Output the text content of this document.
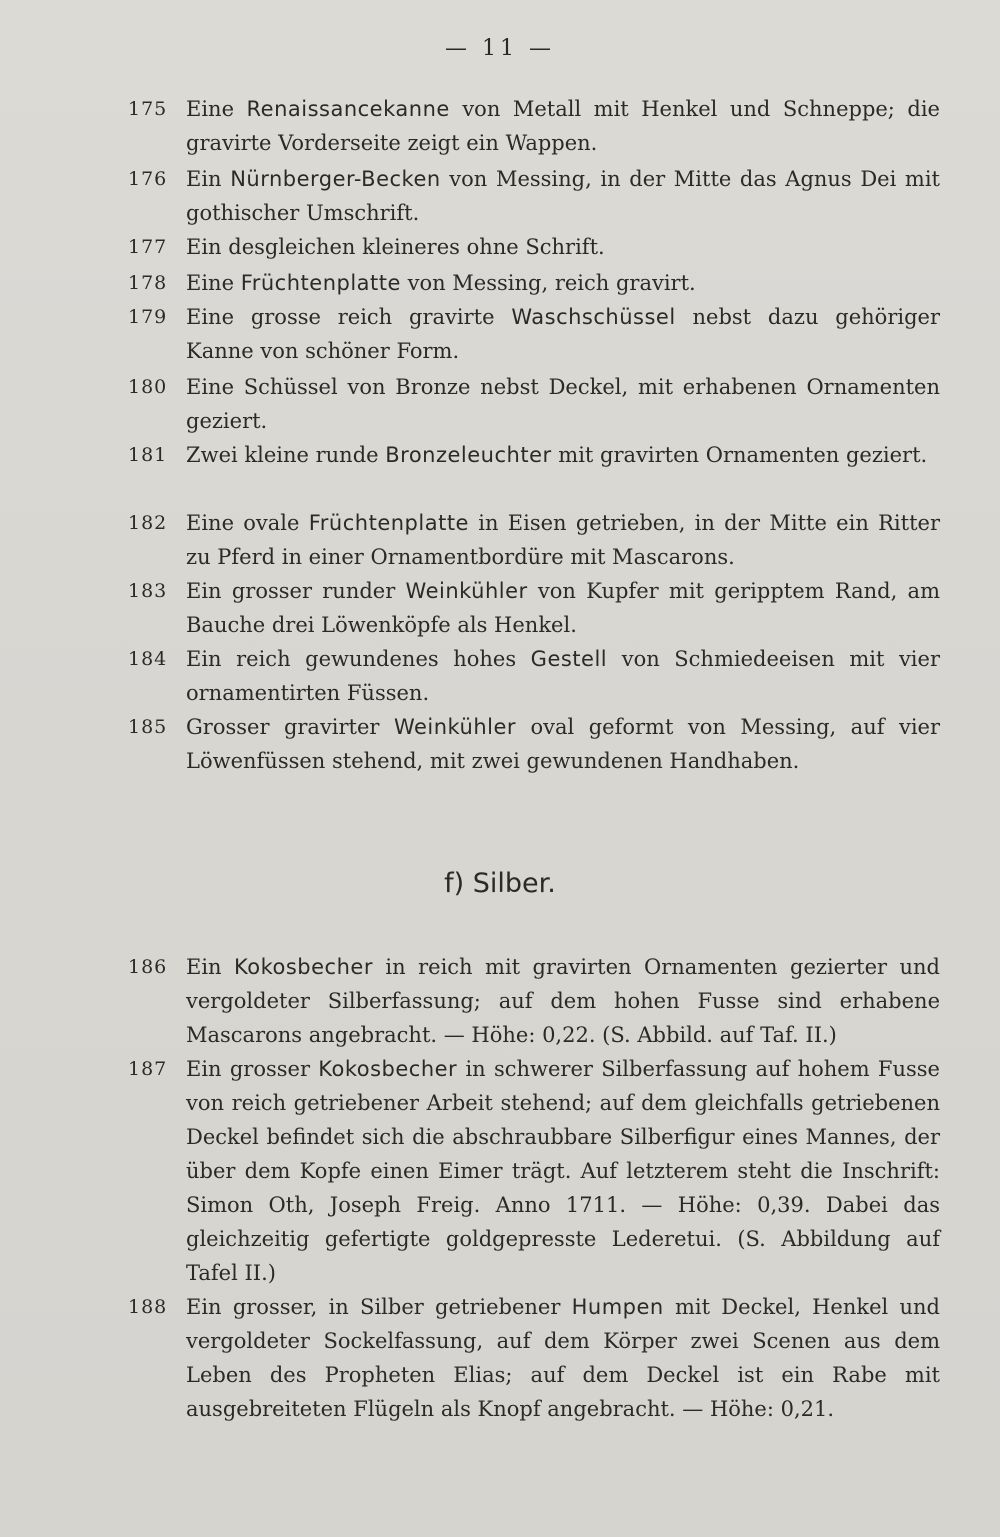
— 11 —
175 Eine Renaissancekanne von Metall mit Henkel und Schneppe; die gravirte Vorderseite zeigt ein Wappen.
176 Ein Nürnberger-Becken von Messing, in der Mitte das Agnus Dei mit gothischer Umschrift.
177 Ein desgleichen kleineres ohne Schrift.
178 Eine Früchtenplatte von Messing, reich gravirt.
179 Eine grosse reich gravirte Waschschüssel nebst dazu gehöriger Kanne von schöner Form.
180 Eine Schüssel von Bronze nebst Deckel, mit erhabenen Ornamenten geziert.
181 Zwei kleine runde Bronzeleuchter mit gravirten Ornamenten geziert.
182 Eine ovale Früchtenplatte in Eisen getrieben, in der Mitte ein Ritter zu Pferd in einer Ornamentbordüre mit Mascarons.
183 Ein grosser runder Weinkühler von Kupfer mit geripptem Rand, am Bauche drei Löwenköpfe als Henkel.
184 Ein reich gewundenes hohes Gestell von Schmiedeeisen mit vier ornamentirten Füssen.
185 Grosser gravirter Weinkühler oval geformt von Messing, auf vier Löwenfüssen stehend, mit zwei gewundenen Handhaben.
f) Silber.
186 Ein Kokosbecher in reich mit gravirten Ornamenten gezierter und vergoldeter Silberfassung; auf dem hohen Fusse sind erhabene Mascarons angebracht. — Höhe: 0,22. (S. Abbild. auf Taf. II.)
187 Ein grosser Kokosbecher in schwerer Silberfassung auf hohem Fusse von reich getriebener Arbeit stehend; auf dem gleichfalls getriebenen Deckel befindet sich die abschraubbare Silberfigur eines Mannes, der über dem Kopfe einen Eimer trägt. Auf letzterem steht die Inschrift: Simon Oth, Joseph Freig. Anno 1711. — Höhe: 0,39. Dabei das gleichzeitig gefertigte goldgepresste Lederetui. (S. Abbildung auf Tafel II.)
188 Ein grosser, in Silber getriebener Humpen mit Deckel, Henkel und vergoldeter Sockelfassung, auf dem Körper zwei Scenen aus dem Leben des Propheten Elias; auf dem Deckel ist ein Rabe mit ausgebreiteten Flügeln als Knopf angebracht. — Höhe: 0,21.
